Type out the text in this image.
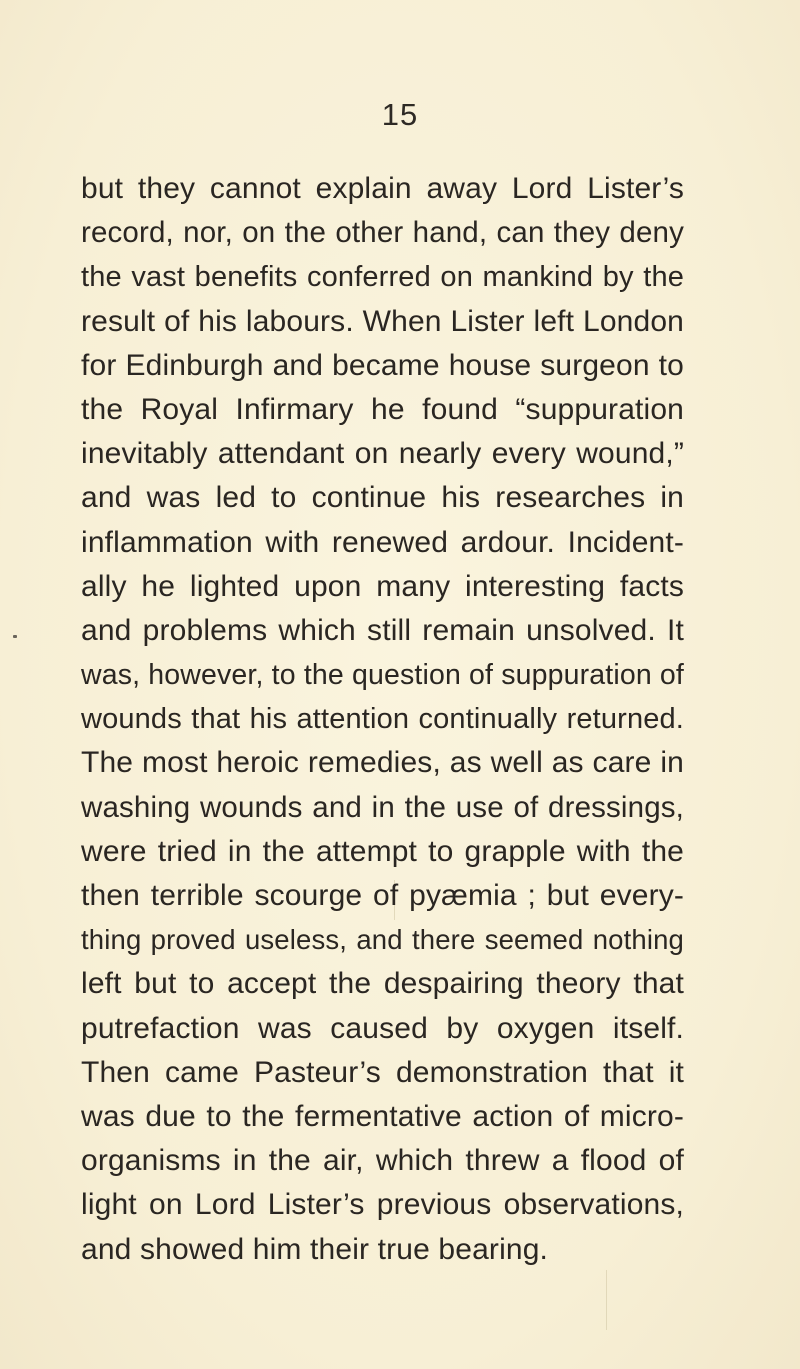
15
but they cannot explain away Lord Lister’s
record, nor, on the other hand, can they deny
the vast benefits conferred on mankind by the
result of his labours. When Lister left London
for Edinburgh and became house surgeon to
the Royal Infirmary he found “suppuration
inevitably attendant on nearly every wound,”
and was led to continue his researches in
inflammation with renewed ardour. Incident-
ally he lighted upon many interesting facts
and problems which still remain unsolved. It
was, however, to the question of suppuration of
wounds that his attention continually returned.
The most heroic remedies, as well as care in
washing wounds and in the use of dressings,
were tried in the attempt to grapple with the
then terrible scourge of pyæmia ; but every-
thing proved useless, and there seemed nothing
left but to accept the despairing theory that
putrefaction was caused by oxygen itself.
Then came Pasteur’s demonstration that it
was due to the fermentative action of micro-
organisms in the air, which threw a flood of
light on Lord Lister’s previous observations,
and showed him their true bearing.
